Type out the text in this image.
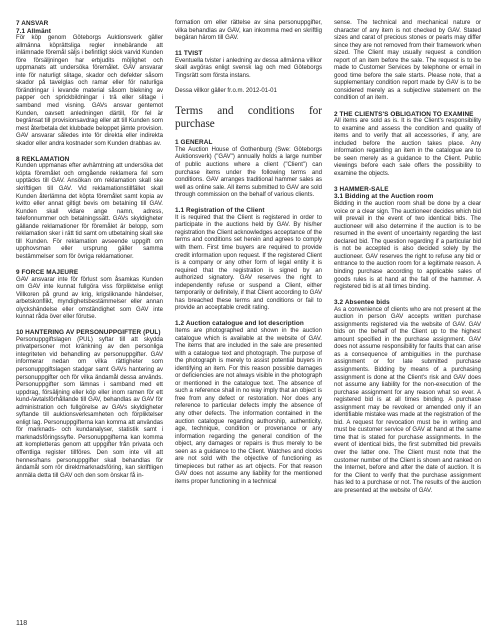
7 ANSVAR
7.1 Allmänt

För köp genom Göteborgs Auktionsverk gäller allmänna köprättsliga regler innebärande att inlämnade föremål säljs i befintligt skick varvid Kunden före försäljningen har erbjudits möjlighet och uppmanats att undersöka föremålet. GAV ansvarar inte för naturligt slitage, skador och defekter såsom skador på tavelglas och ramar eller för naturliga förändringar i levande material såsom blekning av papper och sprickbildningar i trä eller slitage i samband med visning. GAVs ansvar gentemot Kunden, oavsett anledningen därtill, för fel är begränsat till provisionsavdrag eller att till Kunden som mest återbetala det klubbade beloppet jämte provision. GAV ansvarar således inte för direkta eller indirekta skador eller andra kostnader som Kunden drabbas av.

8 REKLAMATION

Kunden uppmanas efter avhämtning att undersöka det köpta föremålet och omgående reklamera fel som upptäcks till GAV. Ansökan om reklamation skall ske skriftligen till GAV. Vid reklamationstillfället skall Kunden återlämna det köpta föremålet samt kopia av kvitto eller annat giltigt bevis om betalning till GAV. Kunden skall vidare ange namn, adress, telefonnummer och betalningssätt. GAVs skyldigheter gällande reklamationer för föremålet är belopp, som reklamation sker i rätt tid samt om utbetalning skall ske till Kunden. För reklamation avseende uppgift om upphovsman eller ursprung gäller samma bestämmelser som för övriga reklamationer.

9 FORCE MAJEURE

GAV ansvarar inte för förlust som åsamkas Kunden om GAV inte kunnat fullgöra viss förpliktelse enligt Villkoren på grund av krig, krigsliknande händelser, arbetskonflikt, myndighetsbestämmelser eller annan olyckshändelse eller omständighet som GAV inte kunnat råda över eller förutse.

10 HANTERING AV PERSONUPPGIFTER (PUL)

Personuppgiftslagen (PUL) syftar till att skydda privatpersoner mot kränkning av den personliga integriteten vid behandling av personuppgifter. GAV informerar nedan om vilka rättigheter som personuppgiftslagen stadgar samt GAVs hantering av personuppgifter och för vilka ändamål dessa används. Personuppgifter som lämnas i samband med ett uppdrag, försäljning eller köp eller inom ramen för ett kund-/avtalsförhållande till GAV, behandlas av GAV för administration och fullgörelse av GAVs skyldigheter syftande till auktionsverksamheten och förpliktelser enligt lag. Personuppgifterna kan komma att användas för marknads- och kundanalyser, statistik samt i marknadsföringssyfte. Personuppgifterna kan komma att kompletteras genom att uppgifter från privata och offentliga register tillföres. Den som inte vill att hennes/hans personuppgifter skall behandlas för ändamål som rör direktmarknadsföring, kan skriftligen anmäla detta till GAV och den som önskar få in-

formation om eller rättelse av sina personuppgifter, vilka behandlas av GAV, kan inkomma med en skriftlig begäran härom till GAV.

11 TVIST

Eventuella tvister i anledning av dessa allmänna villkor skall avgöras enligt svensk lag och med Göteborgs Tingsrätt som första instans.

Dessa villkor gäller fr.o.m. 2012-01-01

Terms and conditions for purchase

1 GENERAL

The Auction House of Gothenburg (Swe: Göteborgs Auktionsverk) ("GAV") annually holds a large number of public auctions where a client ("Client") can purchase items under the following terms and conditions. GAV arranges traditional hammer sales as well as online sale. All items submitted to GAV are sold through commission on the behalf of various clients.

1.1 Registration of the Client

It is required that the Client is registered in order to participate in the auctions held by GAV. By his/her registration the Client acknowledges acceptance of the terms and conditions set herein and agrees to comply with them. First time buyers are required to provide credit information upon request. If the registered Client is a company or any other form of legal entity it is required that the registration is signed by an authorized signatory. GAV reserves the right to independently refuse or suspend a Client, either temporarily or definitely, if that Client according to GAV has breached these terms and conditions or fail to provide an acceptable credit rating.

1.2 Auction catalogue and lot description

Items are photographed and shown in the auction catalogue which is available at the website of GAV. The items that are included in the sale are presented with a catalogue text and photograph. The purpose of the photograph is merely to assist potential buyers in identifying an item. For this reason possible damages or deficiencies are not always visible in the photograph or mentioned in the catalogue text. The absence of such a reference shall in no way imply that an object is free from any defect or restoration. Nor does any reference to particular defects imply the absence of any other defects. The information contained in the auction catalogue regarding authorship, authenticity, age, technique, condition or provenance or any information regarding the general condition of the object, any damages or repairs is thus merely to be seen as a guidance to the Client. Watches and clocks are not sold with the objective of functioning as timepieces but rather as art objects. For that reason GAV does not assume any liability for the mentioned items proper functioning in a technical

sense. The technical and mechanical nature or character of any item is not checked by GAV. Stated sizes and carat of precious stones or pearls may differ since they are not removed from their framework when sized. The Client may usually request a condition report of an item before the sale. The request is to be made to Customer Services by telephone or email in good time before the sale starts. Please note, that a supplementary condition report made by GAV is to be considered merely as a subjective statement on the condition of an item.

2 THE CLIENTS'S OBLIGATION TO EXAMINE

All items are sold as is. It is the Client's responsibility to examine and assess the condition and quality of items and to verify that all accessories, if any, are included before the auction takes place. Any information regarding an item in the catalogue are to be seen merely as a guidance to the Client. Public viewings before each sale offers the possibility to examine the objects.

3 HAMMER-SALE
3.1 Bidding at the Auction room

Bidding in the auction room shall be done by a clear voice or a clear sign. The auctioneer decides which bid will prevail in the event of two identical bids. The auctioneer will also determine if the auction is to be resumed in the event of uncertainty regarding the last declared bid. The question regarding if a particular bid is not be accepted is also decided solely by the auctioneer. GAV reserves the right to refuse any bid or entrance to the auction room for a legitimate reason. A binding purchase according to applicable sales of goods rules is at hand at the fall of the hammer. A registered bid is at all times binding.

3.2 Absentee bids

As a convenience of clients who are not present at the auction in person GAV accepts written purchase assignments registered via the website of GAV. GAV bids on the behalf of the Client up to the highest amount specified in the purchase assignment. GAV does not assume responsibility for faults that can arise as a consequence of ambiguities in the purchase assignment or for late submitted purchase assignments. Bidding by means of a purchasing assignment is done at the Client's risk and GAV does not assume any liability for the non-execution of the purchase assignment for any reason what so ever. A registered bid is at all times binding. A purchase assignment may be revoked or amended only if an identifiable mistake was made at the registration of the bid. A request for revocation must be in writing and must be customer service of GAV at hand at the same time that is stated for purchase assignments. In the event of identical bids, the first submitted bid prevails over the latter one. The Client must note that the customer number of the Client is shown and ranked on the Internet, before and after the date of auction. It is for the Client to verify that the purchase assignment has led to a purchase or not. The results of the auction are presented at the website of GAV.

118
